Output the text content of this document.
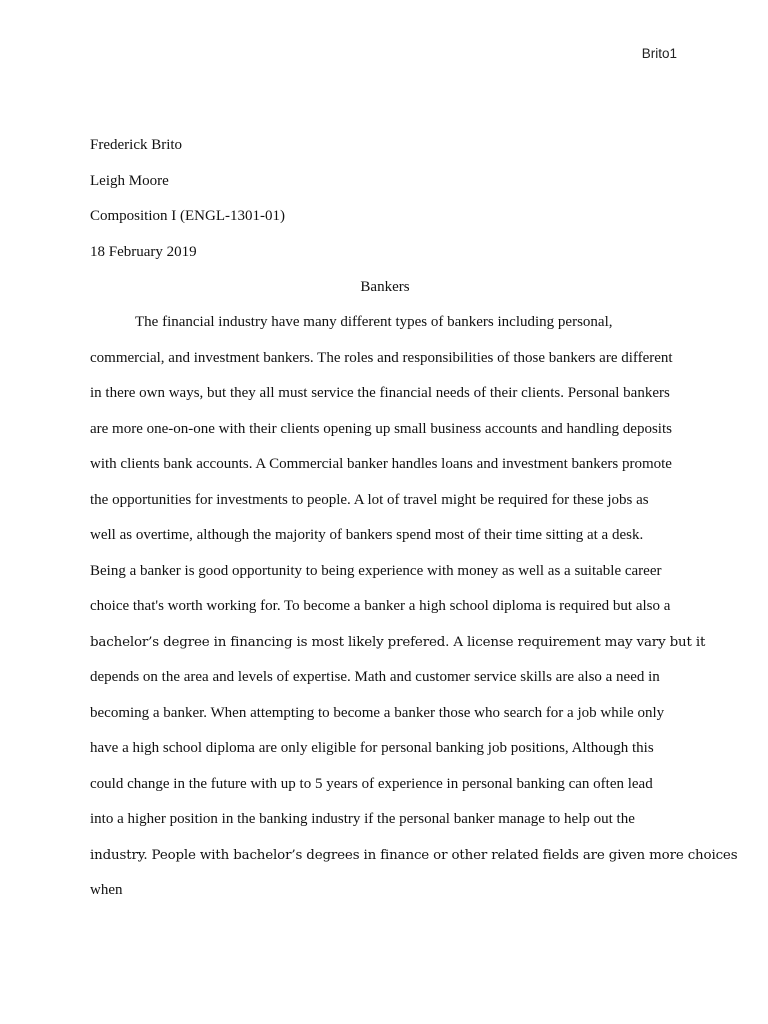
Brito1
Frederick Brito
Leigh Moore
Composition I (ENGL-1301-01)
18 February 2019
Bankers
The financial industry have many different types of bankers including personal,
commercial, and investment bankers. The roles and responsibilities of those bankers are different
in there own ways, but they all must service the financial needs of their clients. Personal bankers
are more one-on-one with their clients opening up small business accounts and handling deposits
with clients bank accounts. A Commercial banker handles loans and investment bankers promote
the opportunities for investments to people. A lot of travel might be required for these jobs as
well as overtime, although the majority of bankers spend most of their time sitting at a desk.
Being a banker is good opportunity to being experience with money as well as a suitable career
choice that's worth working for. To become a banker a high school diploma is required but also a
bachelor’s degree in financing is most likely prefered. A license requirement may vary but it
depends on the area and levels of expertise. Math and customer service skills are also a need in
becoming a banker. When attempting to become a banker those who search for a job while only
have a high school diploma are only eligible for personal banking job positions, Although this
could change in the future with up to 5 years of experience in personal banking can often lead
into a higher position in the banking industry if the personal banker manage to help out the
industry. People with bachelor’s degrees in finance or other related fields are given more choices
when
